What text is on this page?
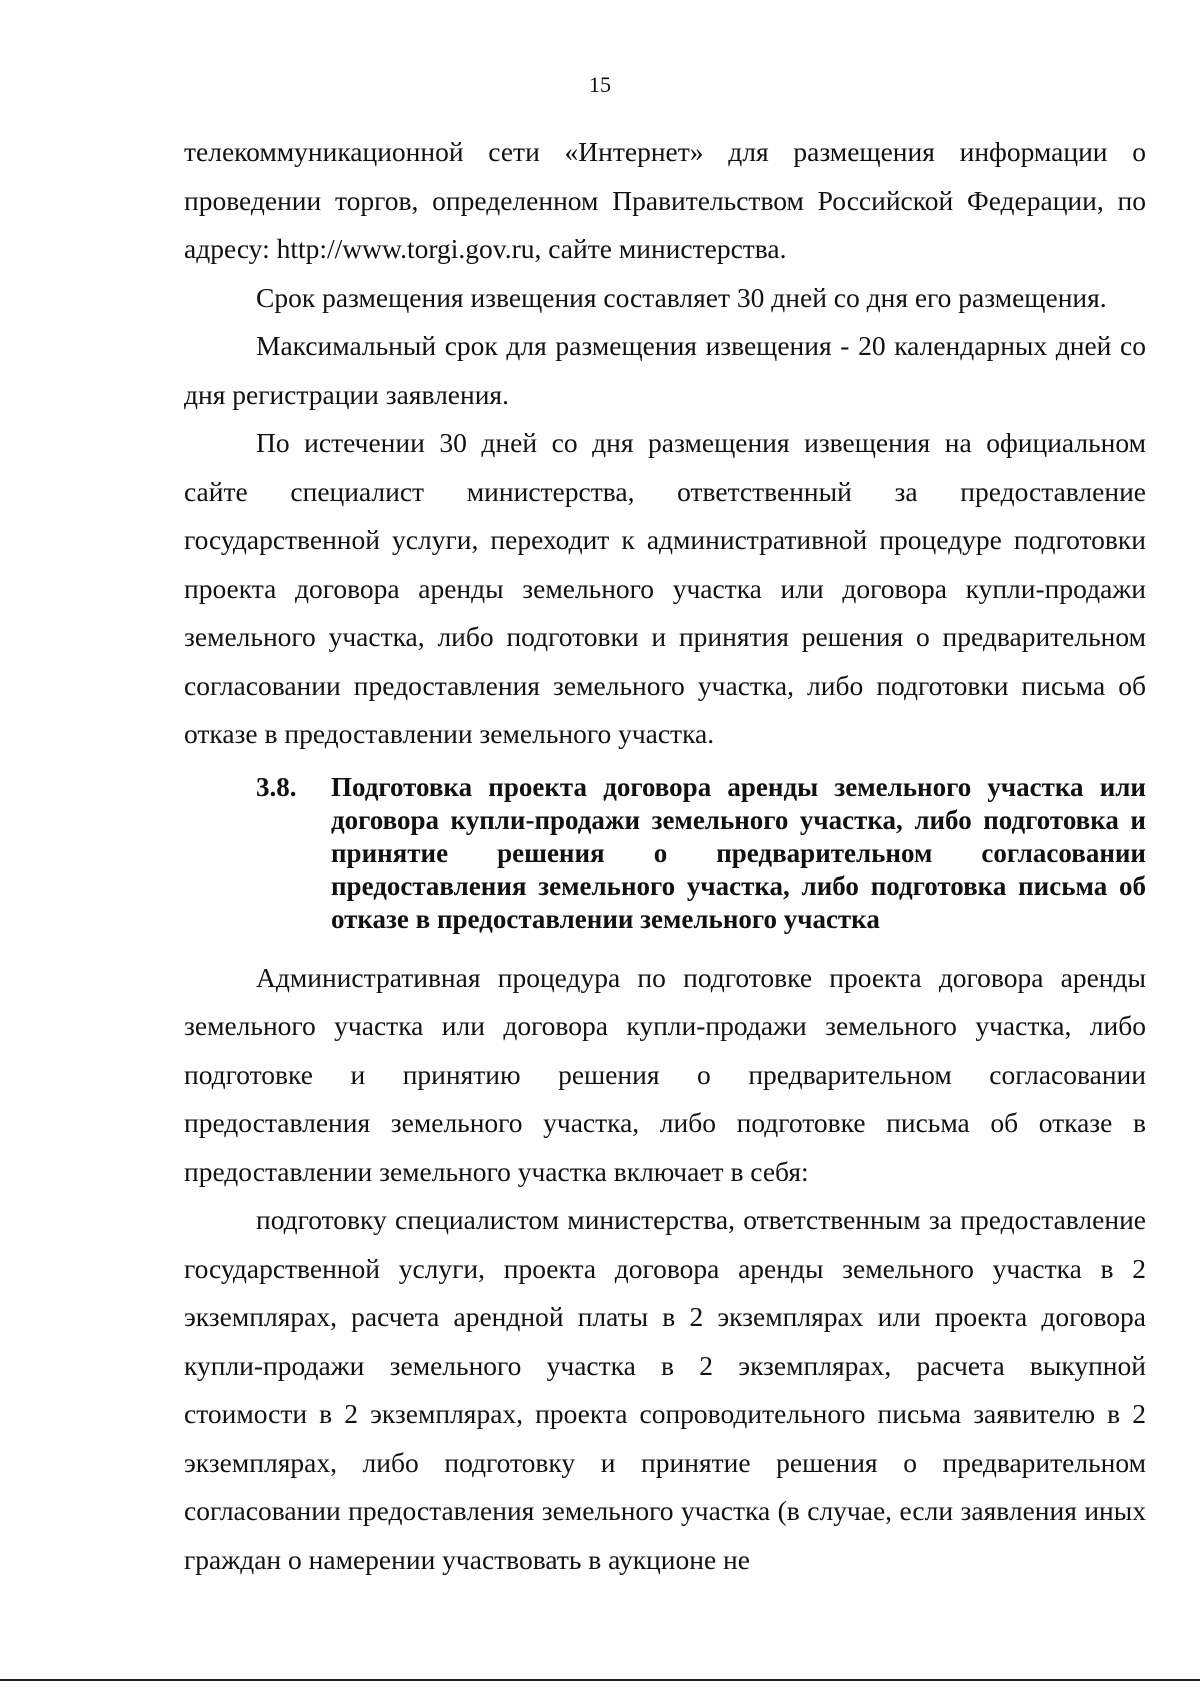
15

телекоммуникационной сети «Интернет» для размещения информации о проведении торгов, определенном Правительством Российской Федерации, по адресу: http://www.torgi.gov.ru, сайте министерства.

Срок размещения извещения составляет 30 дней со дня его размещения.

Максимальный срок для размещения извещения - 20 календарных дней со дня регистрации заявления.

По истечении 30 дней со дня размещения извещения на официальном сайте специалист министерства, ответственный за предоставление государственной услуги, переходит к административной процедуре подготовки проекта договора аренды земельного участка или договора купли-продажи земельного участка, либо подготовки и принятия решения о предварительном согласовании предоставления земельного участка, либо подготовки письма об отказе в предоставлении земельного участка.

3.8.	Подготовка проекта договора аренды земельного участка или договора купли-продажи земельного участка, либо подготовка и принятие решения о предварительном согласовании предоставления земельного участка, либо подготовка письма об отказе в предоставлении земельного участка

Административная процедура по подготовке проекта договора аренды земельного участка или договора купли-продажи земельного участка, либо подготовке и принятию решения о предварительном согласовании предоставления земельного участка, либо подготовке письма об отказе в предоставлении земельного участка включает в себя:

подготовку специалистом министерства, ответственным за предоставление государственной услуги, проекта договора аренды земельного участка в 2 экземплярах, расчета арендной платы в 2 экземплярах или проекта договора купли-продажи земельного участка в 2 экземплярах, расчета выкупной стоимости в 2 экземплярах, проекта сопроводительного письма заявителю в 2 экземплярах, либо подготовку и принятие решения о предварительном согласовании предоставления земельного участка (в случае, если заявления иных граждан о намерении участвовать в аукционе не
